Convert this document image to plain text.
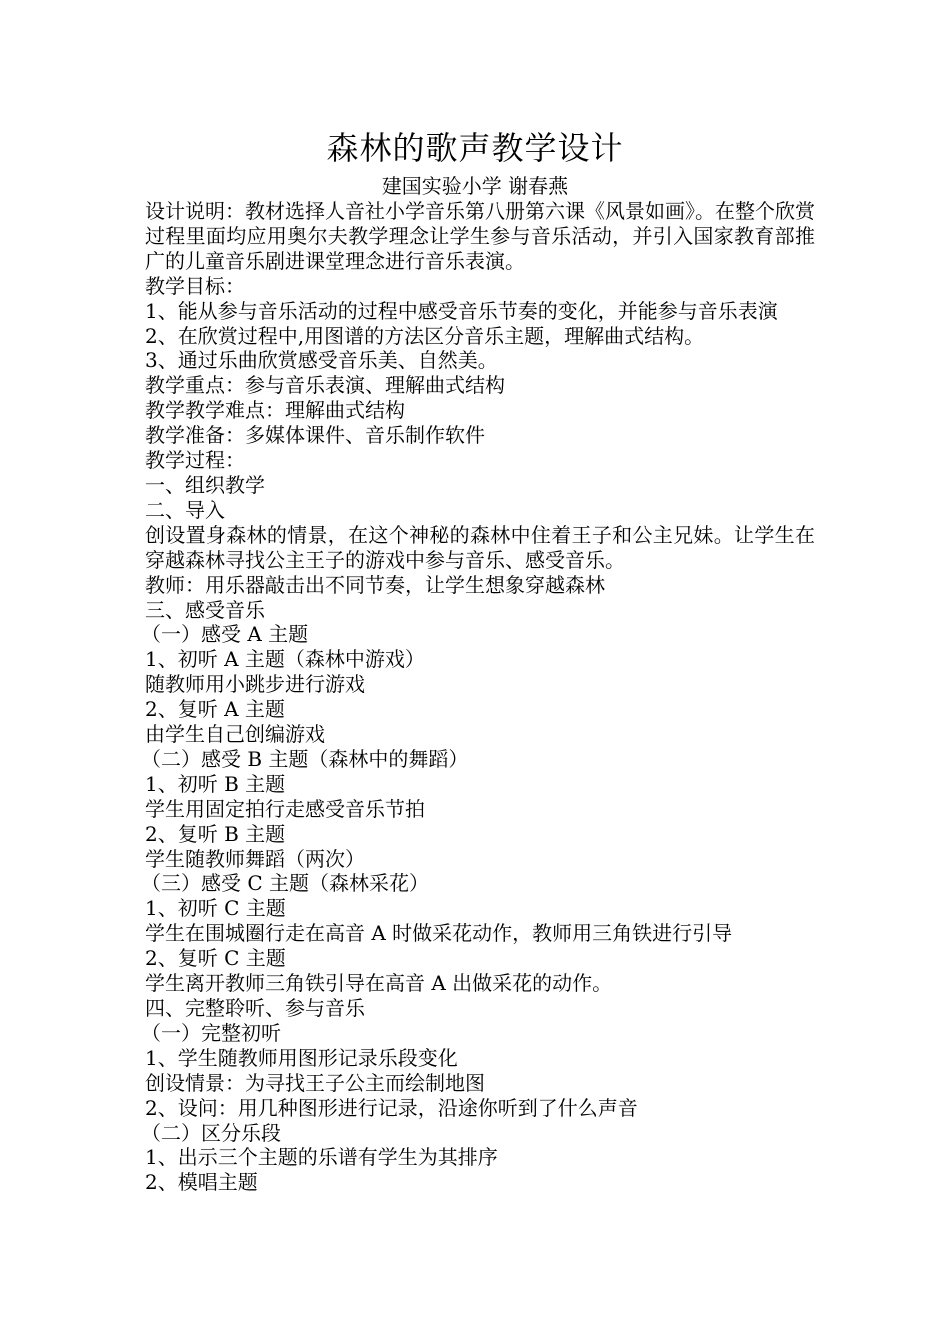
森林的歌声教学设计
建国实验小学 谢春燕

设计说明：教材选择人音社小学音乐第八册第六课《风景如画》。在整个欣赏过程里面均应用奥尔夫教学理念让学生参与音乐活动，并引入国家教育部推广的儿童音乐剧进课堂理念进行音乐表演。

教学目标：

1、能从参与音乐活动的过程中感受音乐节奏的变化，并能参与音乐表演

2、在欣赏过程中,用图谱的方法区分音乐主题，理解曲式结构。

3、通过乐曲欣赏感受音乐美、自然美。

教学重点：参与音乐表演、理解曲式结构

教学教学难点：理解曲式结构

教学准备：多媒体课件、音乐制作软件

教学过程：

一、组织教学

二、导入

创设置身森林的情景，在这个神秘的森林中住着王子和公主兄妹。让学生在穿越森林寻找公主王子的游戏中参与音乐、感受音乐。

教师：用乐器敲击出不同节奏，让学生想象穿越森林

三、感受音乐

（一）感受 A 主题

1、初听 A 主题（森林中游戏）

随教师用小跳步进行游戏

2、复听 A 主题

由学生自己创编游戏

（二）感受 B 主题（森林中的舞蹈）

1、初听 B 主题

学生用固定拍行走感受音乐节拍

2、复听 B 主题

学生随教师舞蹈（两次）

（三）感受 C 主题（森林采花）

1、初听 C 主题

学生在围城圈行走在高音 A 时做采花动作，教师用三角铁进行引导

2、复听 C 主题

学生离开教师三角铁引导在高音 A 出做采花的动作。

四、完整聆听、参与音乐

（一）完整初听

1、学生随教师用图形记录乐段变化

创设情景：为寻找王子公主而绘制地图

2、设问：用几种图形进行记录，沿途你听到了什么声音

（二）区分乐段

1、出示三个主题的乐谱有学生为其排序

2、模唱主题
